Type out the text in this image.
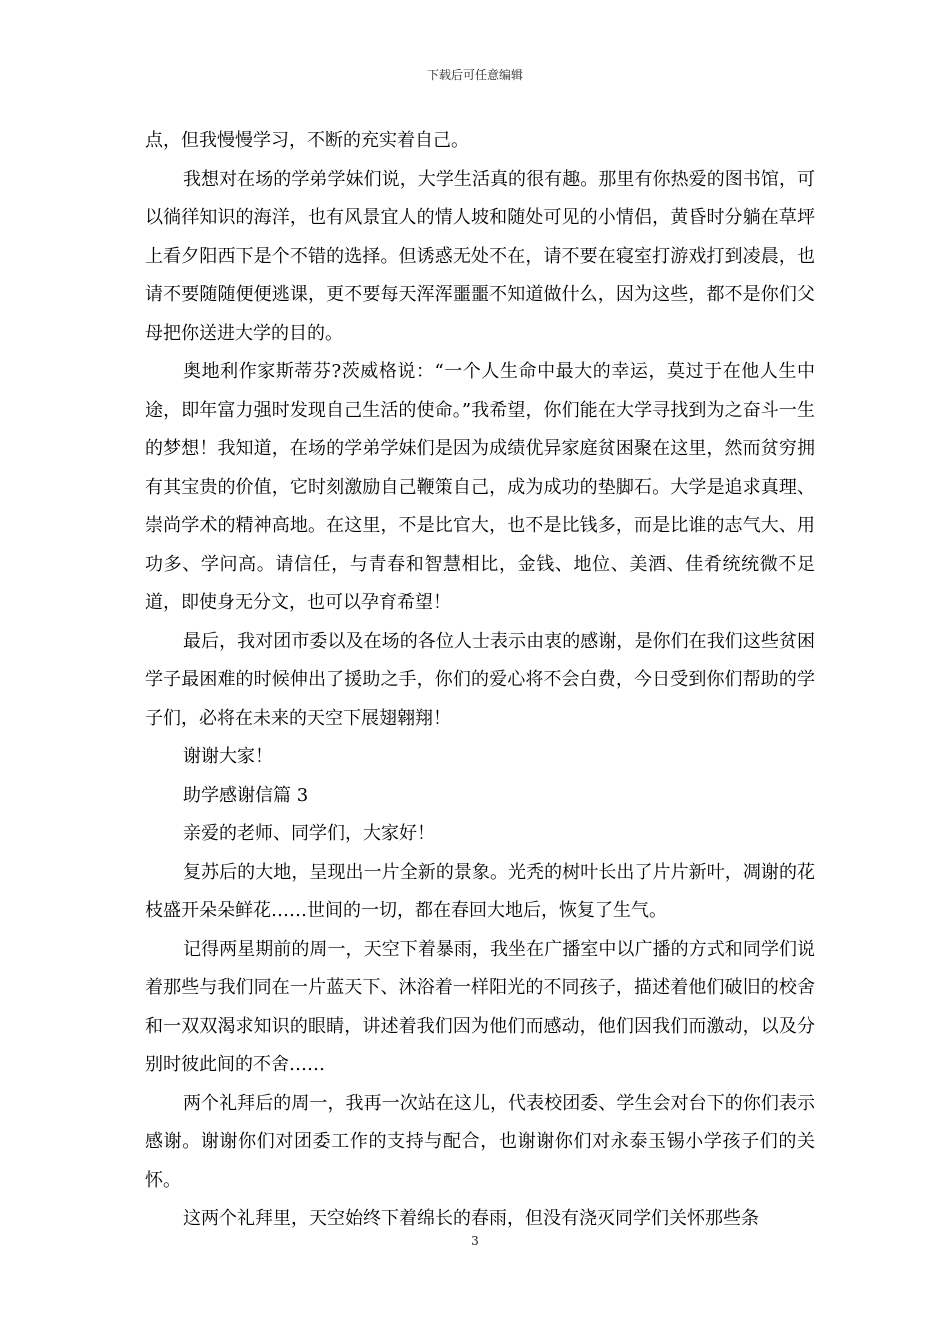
下载后可任意编辑

点，但我慢慢学习，不断的充实着自己。

我想对在场的学弟学妹们说，大学生活真的很有趣。那里有你热爱的图书馆，可以徜徉知识的海洋，也有风景宜人的情人坡和随处可见的小情侣，黄昏时分躺在草坪上看夕阳西下是个不错的选择。但诱惑无处不在，请不要在寝室打游戏打到凌晨，也请不要随随便便逃课，更不要每天浑浑噩噩不知道做什么，因为这些，都不是你们父母把你送进大学的目的。

奥地利作家斯蒂芬?茨威格说：“一个人生命中最大的幸运，莫过于在他人生中途，即年富力强时发现自己生活的使命。”我希望，你们能在大学寻找到为之奋斗一生的梦想！我知道，在场的学弟学妹们是因为成绩优异家庭贫困聚在这里，然而贫穷拥有其宝贵的价值，它时刻激励自己鞭策自己，成为成功的垫脚石。大学是追求真理、崇尚学术的精神高地。在这里，不是比官大，也不是比钱多，而是比谁的志气大、用功多、学问高。请信任，与青春和智慧相比，金钱、地位、美酒、佳肴统统微不足道，即使身无分文，也可以孕育希望！

最后，我对团市委以及在场的各位人士表示由衷的感谢，是你们在我们这些贫困学子最困难的时候伸出了援助之手，你们的爱心将不会白费，今日受到你们帮助的学子们，必将在未来的天空下展翅翱翔！

谢谢大家！

助学感谢信篇 3

亲爱的老师、同学们，大家好！

复苏后的大地，呈现出一片全新的景象。光秃的树叶长出了片片新叶，凋谢的花枝盛开朵朵鲜花……世间的一切，都在春回大地后，恢复了生气。

记得两星期前的周一，天空下着暴雨，我坐在广播室中以广播的方式和同学们说着那些与我们同在一片蓝天下、沐浴着一样阳光的不同孩子，描述着他们破旧的校舍和一双双渴求知识的眼睛，讲述着我们因为他们而感动，他们因我们而激动，以及分别时彼此间的不舍……

两个礼拜后的周一，我再一次站在这儿，代表校团委、学生会对台下的你们表示感谢。谢谢你们对团委工作的支持与配合，也谢谢你们对永泰玉锡小学孩子们的关怀。

这两个礼拜里，天空始终下着绵长的春雨，但没有浇灭同学们关怀那些条

3
